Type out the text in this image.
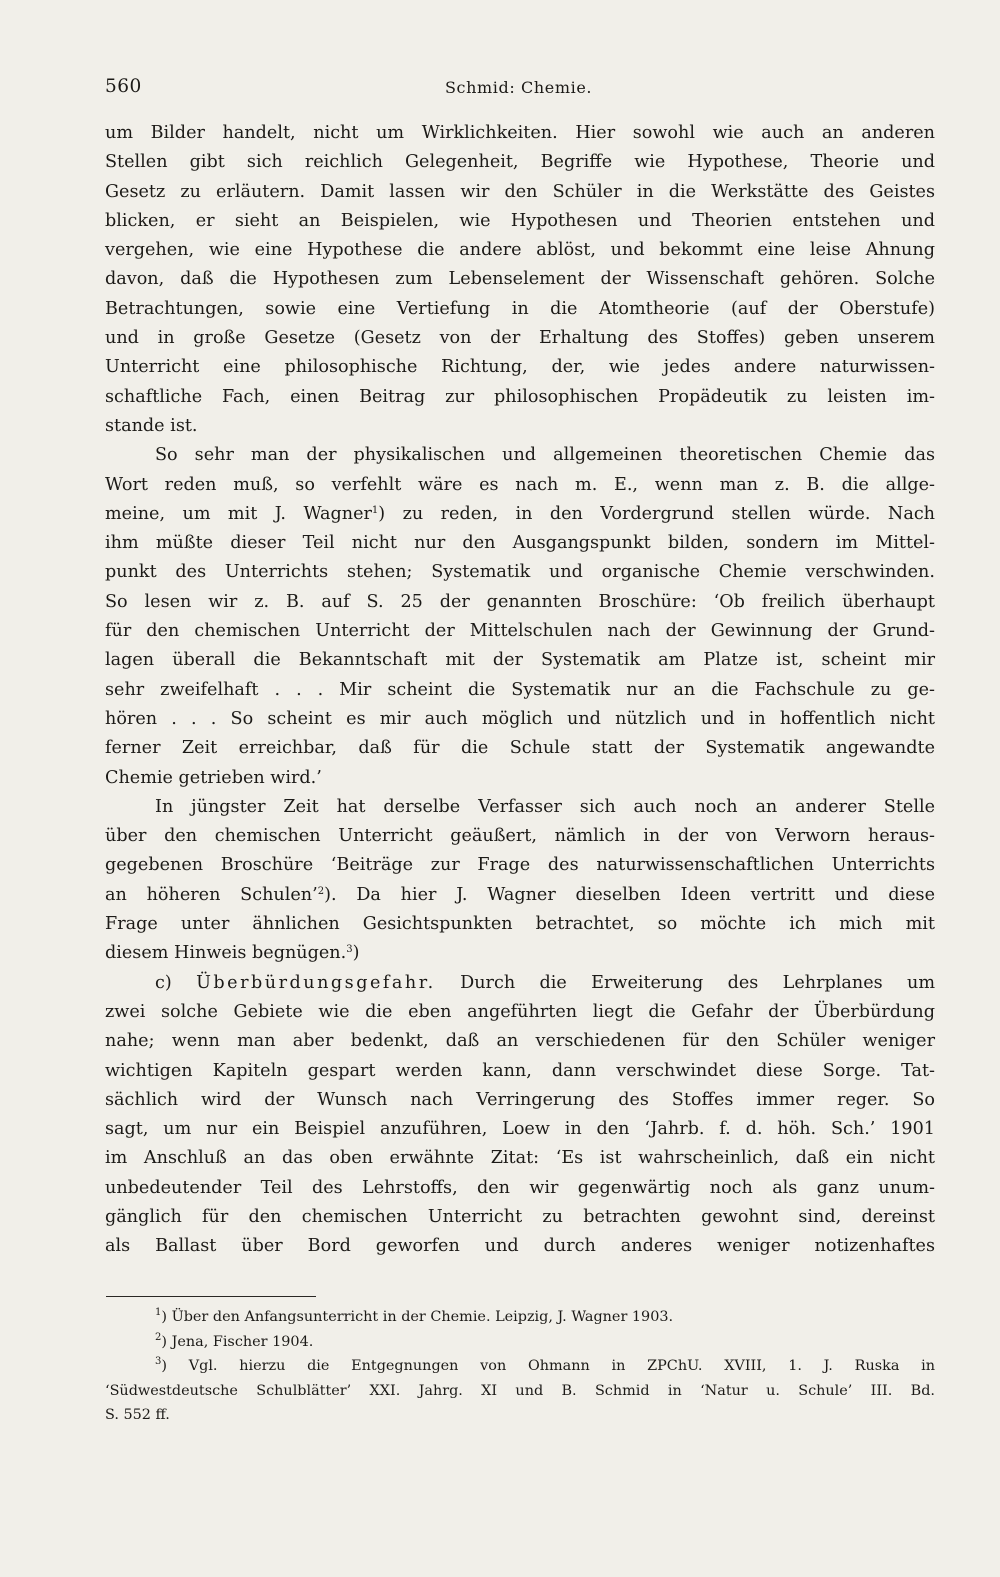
560	Schmid: Chemie.

um Bilder handelt, nicht um Wirklichkeiten. Hier sowohl wie auch an anderen

Stellen gibt sich reichlich Gelegenheit, Begriffe wie Hypothese, Theorie und

Gesetz zu erläutern. Damit lassen wir den Schüler in die Werkstätte des Geistes

blicken, er sieht an Beispielen, wie Hypothesen und Theorien entstehen und

vergehen, wie eine Hypothese die andere ablöst, und bekommt eine leise Ahnung

davon, daß die Hypothesen zum Lebenselement der Wissenschaft gehören. Solche

Betrachtungen, sowie eine Vertiefung in die Atomtheorie (auf der Oberstufe)

und in große Gesetze (Gesetz von der Erhaltung des Stoffes) geben unserem

Unterricht eine philosophische Richtung, der, wie jedes andere naturwissen-

schaftliche Fach, einen Beitrag zur philosophischen Propädeutik zu leisten im-

stande ist.

So sehr man der physikalischen und allgemeinen theoretischen Chemie das

Wort reden muß, so verfehlt wäre es nach m. E., wenn man z. B. die allge-

meine, um mit J. Wagner$^1$) zu reden, in den Vordergrund stellen würde. Nach

ihm müßte dieser Teil nicht nur den Ausgangspunkt bilden, sondern im Mittel-

punkt des Unterrichts stehen; Systematik und organische Chemie verschwinden.

So lesen wir z. B. auf S. 25 der genannten Broschüre: ‘Ob freilich überhaupt

für den chemischen Unterricht der Mittelschulen nach der Gewinnung der Grund-

lagen überall die Bekanntschaft mit der Systematik am Platze ist, scheint mir

sehr zweifelhaft . . . Mir scheint die Systematik nur an die Fachschule zu ge-

hören . . . So scheint es mir auch möglich und nützlich und in hoffentlich nicht

ferner Zeit erreichbar, daß für die Schule statt der Systematik angewandte

Chemie getrieben wird.’

In jüngster Zeit hat derselbe Verfasser sich auch noch an anderer Stelle

über den chemischen Unterricht geäußert, nämlich in der von Verworn heraus-

gegebenen Broschüre ‘Beiträge zur Frage des naturwissenschaftlichen Unterrichts

an höheren Schulen’$^2$). Da hier J. Wagner dieselben Ideen vertritt und diese

Frage unter ähnlichen Gesichtspunkten betrachtet, so möchte ich mich mit

diesem Hinweis begnügen.$^3$)

c) Überbürdungsgefahr. Durch die Erweiterung des Lehrplanes um

zwei solche Gebiete wie die eben angeführten liegt die Gefahr der Überbürdung

nahe; wenn man aber bedenkt, daß an verschiedenen für den Schüler weniger

wichtigen Kapiteln gespart werden kann, dann verschwindet diese Sorge. Tat-

sächlich wird der Wunsch nach Verringerung des Stoffes immer reger. So

sagt, um nur ein Beispiel anzuführen, Loew in den ‘Jahrb. f. d. höh. Sch.’ 1901

im Anschluß an das oben erwähnte Zitat: ‘Es ist wahrscheinlich, daß ein nicht

unbedeutender Teil des Lehrstoffs, den wir gegenwärtig noch als ganz unum-

gänglich für den chemischen Unterricht zu betrachten gewohnt sind, dereinst

als Ballast über Bord geworfen und durch anderes weniger notizenhaftes

$^1$) Über den Anfangsunterricht in der Chemie. Leipzig, J. Wagner 1903.

$^2$) Jena, Fischer 1904.

$^3$) Vgl. hierzu die Entgegnungen von Ohmann in ZPChU. XVIII, 1. J. Ruska in

‘Südwestdeutsche Schulblätter’ XXI. Jahrg. XI und B. Schmid in ‘Natur u. Schule’ III. Bd.

S. 552 ff.
